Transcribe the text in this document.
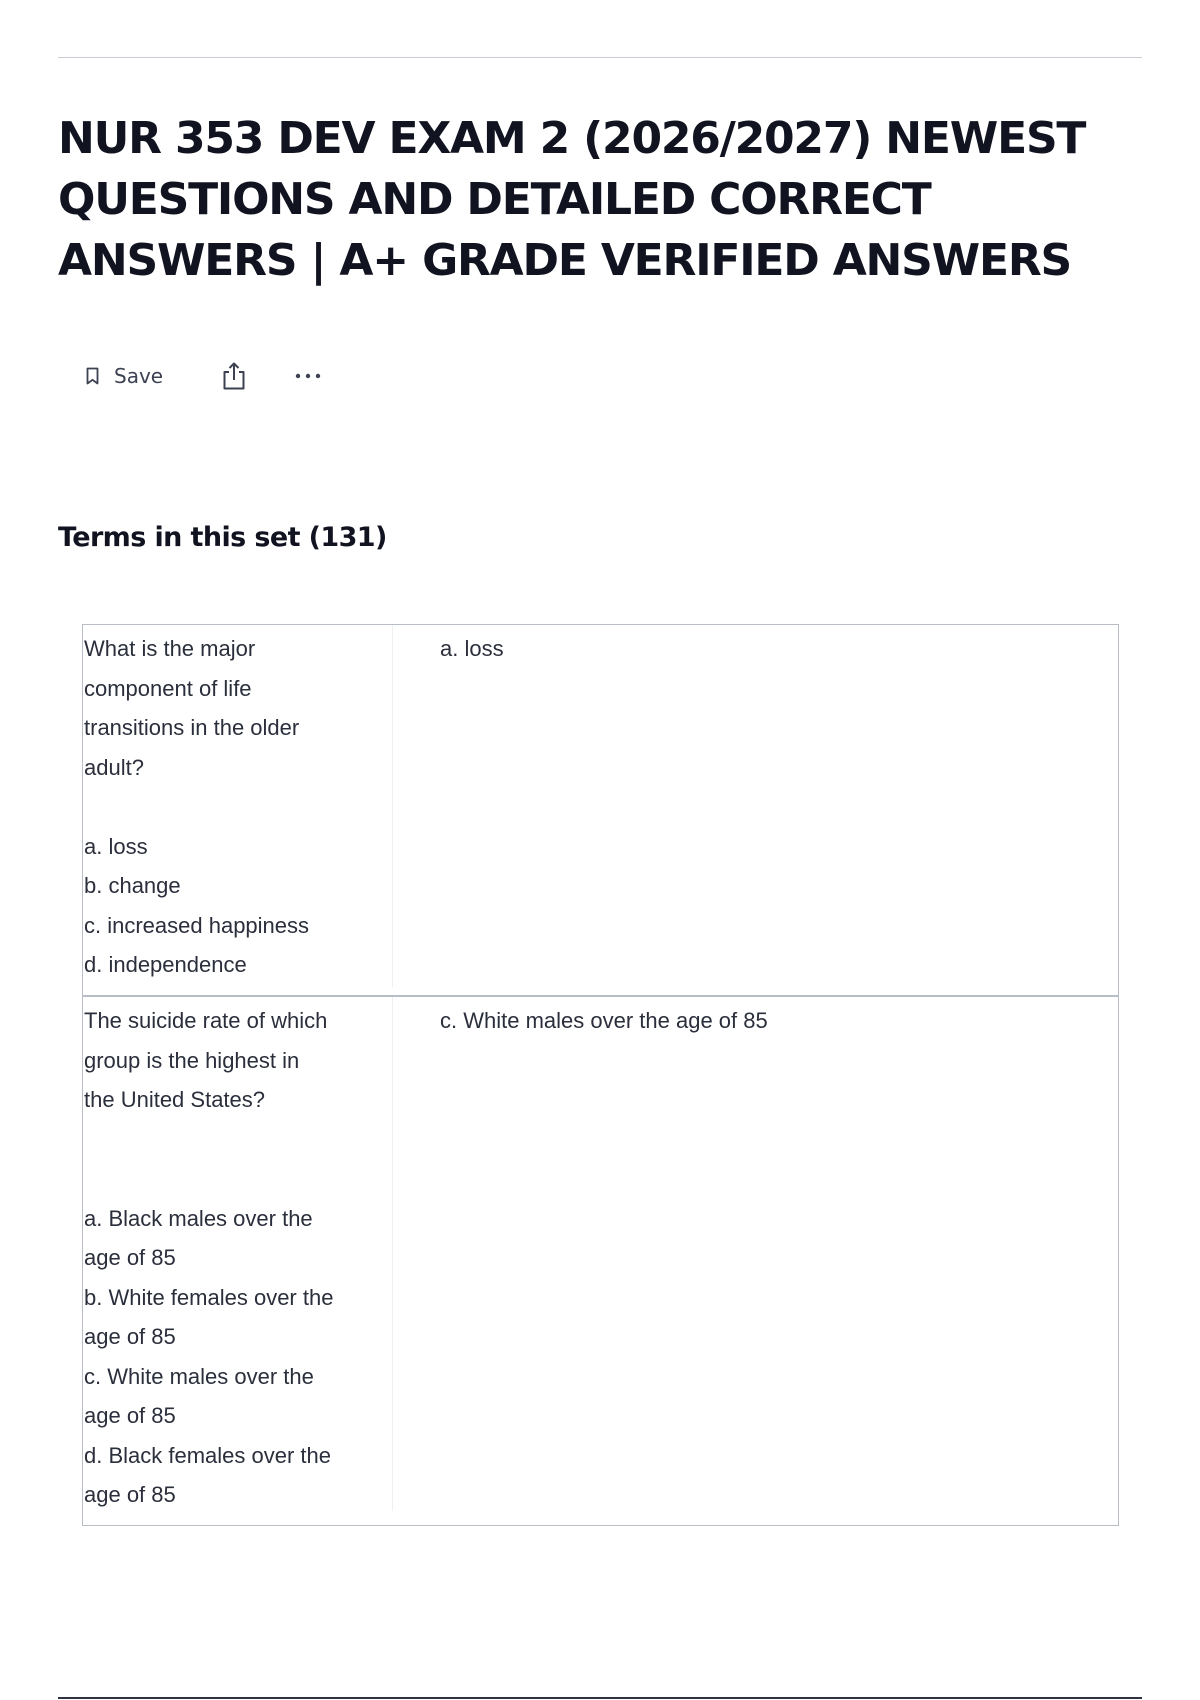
NUR 353 DEV EXAM 2 (2026/2027) NEWEST QUESTIONS AND DETAILED CORRECT ANSWERS | A+ GRADE VERIFIED ANSWERS
Save
Terms in this set (131)
What is the major
component of life
transitions in the older
adult?

a. loss
b. change
c. increased happiness
d. independence
a. loss
The suicide rate of which
group is the highest in
the United States?

a. Black males over the
age of 85
b. White females over the
age of 85
c. White males over the
age of 85
d. Black females over the
age of 85
c. White males over the age of 85
